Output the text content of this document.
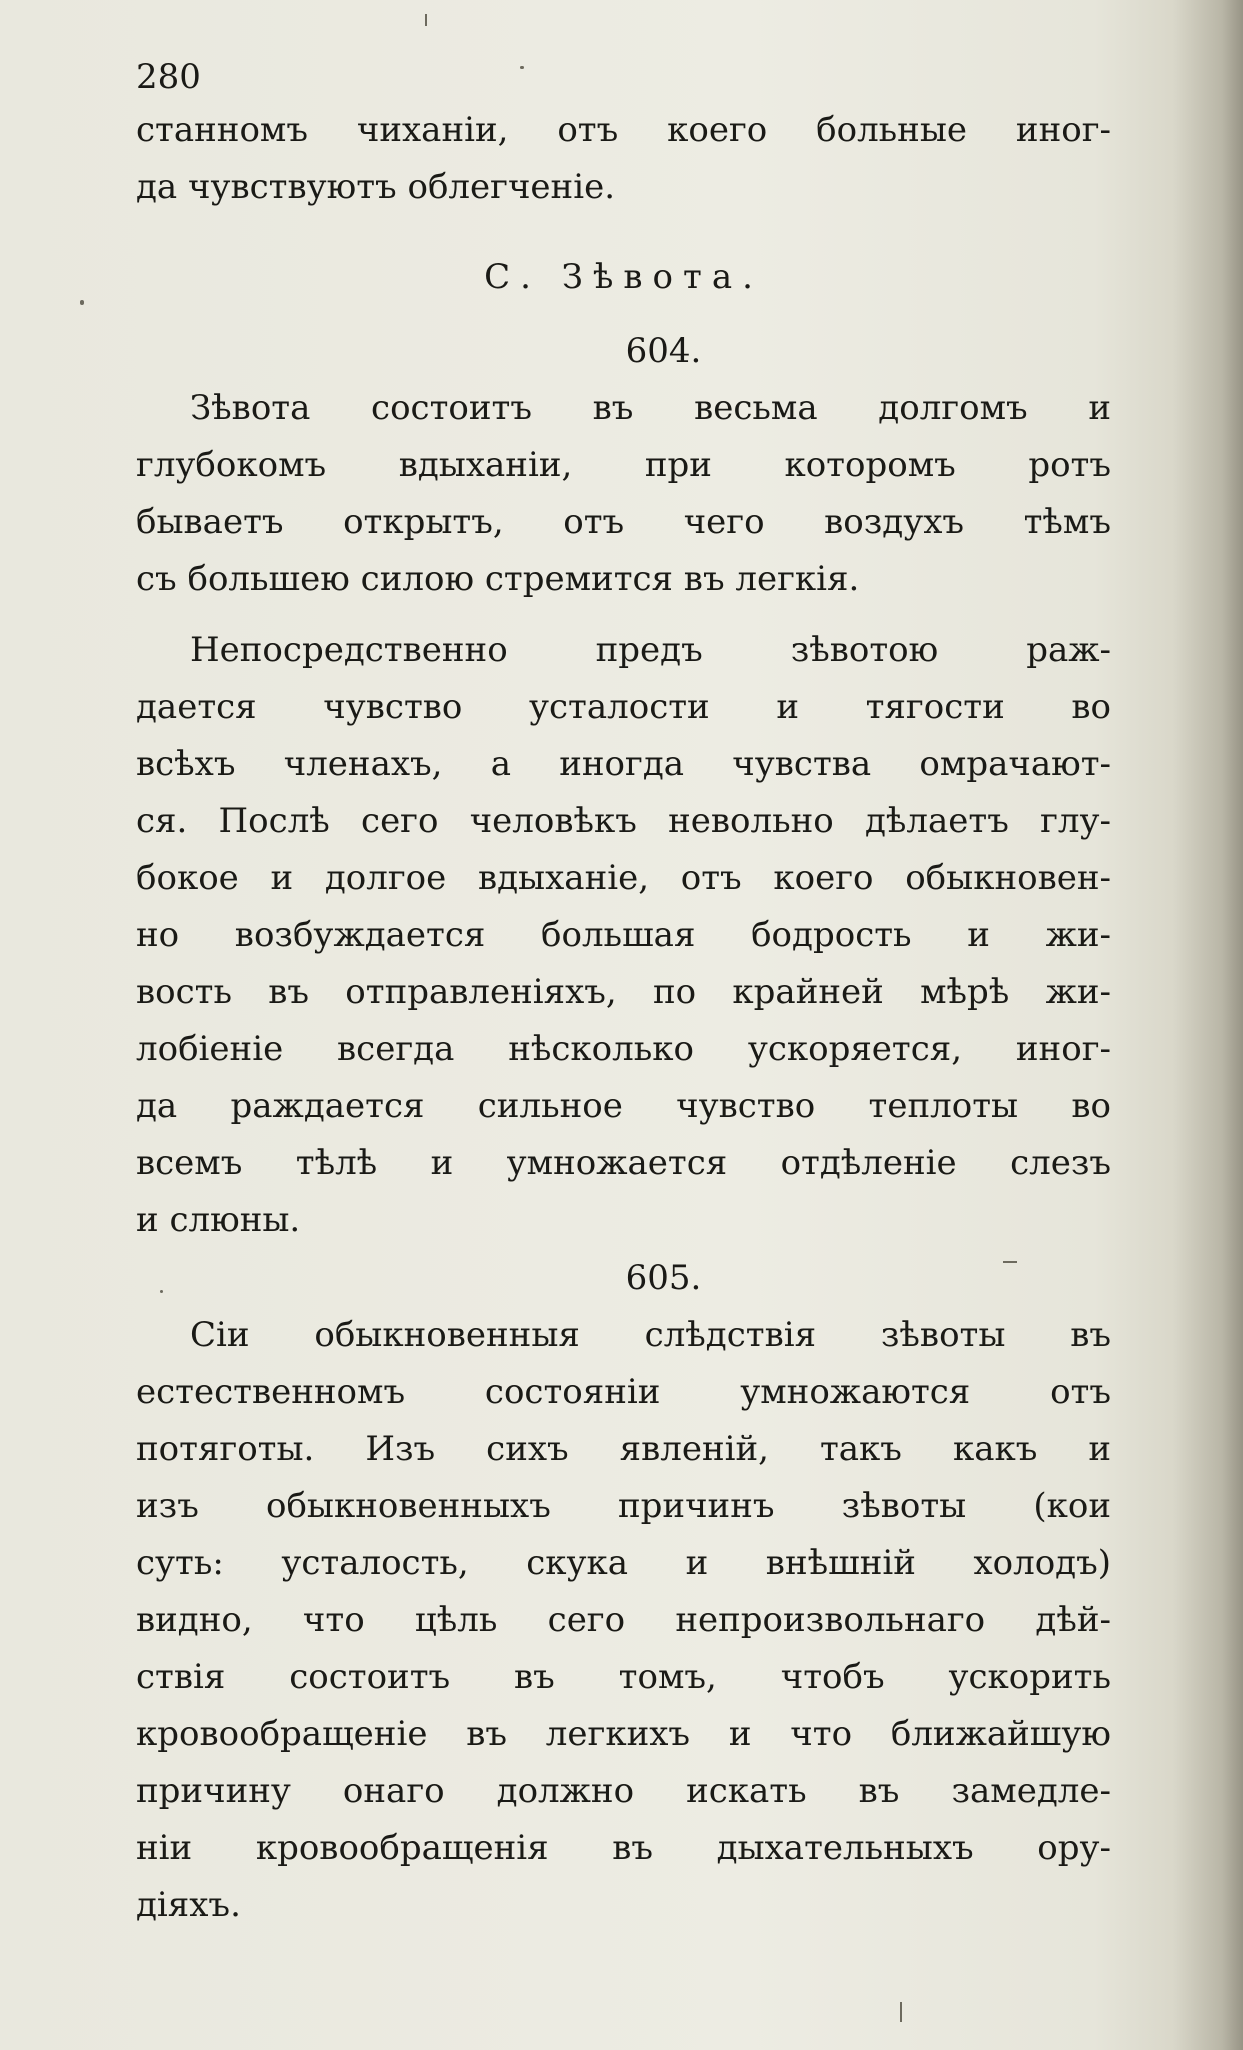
280
станномъ чиханіи, отъ коего больные иног-
да чувствуютъ облегченіе.
С. Зѣвота.
604.
Зѣвота состоитъ въ весьма долгомъ и
глубокомъ вдыханіи, при которомъ ротъ
бываетъ открытъ, отъ чего воздухъ тѣмъ
съ большею силою стремится въ легкія.
Непосредственно предъ зѣвотою раж-
дается чувство усталости и тягости во
всѣхъ членахъ, а иногда чувства омрачают-
ся. Послѣ сего человѣкъ невольно дѣлаетъ глу-
бокое и долгое вдыханіе, отъ коего обыкновен-
но возбуждается большая бодрость и жи-
вость въ отправленіяхъ, по крайней мѣрѣ жи-
лобіеніе всегда нѣсколько ускоряется, иног-
да раждается сильное чувство теплоты во
всемъ тѣлѣ и умножается отдѣленіе слезъ
и слюны.
605.
Сіи обыкновенныя слѣдствія зѣвоты въ
естественномъ состояніи умножаются отъ
потяготы. Изъ сихъ явленій, такъ какъ и
изъ обыкновенныхъ причинъ зѣвоты (кои
суть: усталость, скука и внѣшній холодъ)
видно, что цѣль сего непроизвольнаго дѣй-
ствія состоитъ въ томъ, чтобъ ускорить
кровообращеніе въ легкихъ и что ближайшую
причину онаго должно искать въ замедле-
ніи кровообращенія въ дыхательныхъ ору-
діяхъ.
